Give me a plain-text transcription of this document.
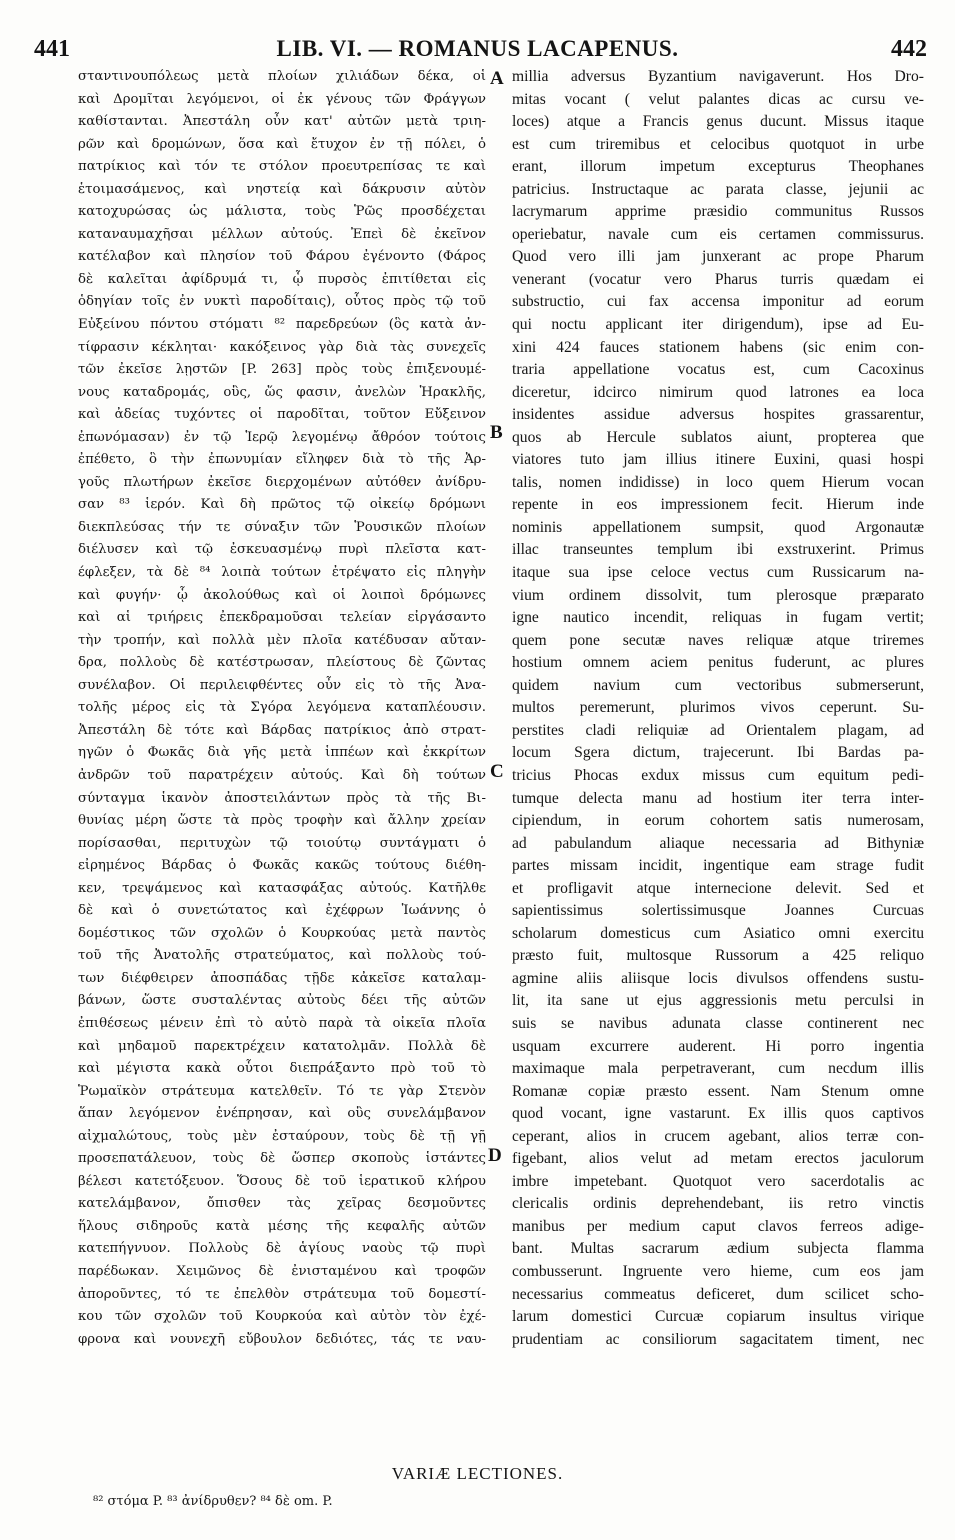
441	LIB. VI. — ROMANUS LACAPENUS.	442
σταντινουπόλεως μετὰ πλοίων χιλιάδων δέκα, οἱ
καὶ Δρομῖται λεγόμενοι, οἱ ἐκ γένους τῶν Φράγγων
καθίστανται. Ἀπεστάλη οὖν κατ' αὐτῶν μετὰ τριη-
ρῶν καὶ δρομώνων, ὅσα καὶ ἔτυχον ἐν τῇ πόλει, ὁ
πατρίκιος καὶ τόν τε στόλον προευτρεπίσας τε καὶ
ἑτοιμασάμενος, καὶ νηστείᾳ καὶ δάκρυσιν αὐτὸν
κατοχυρώσας ὡς μάλιστα, τοὺς Ῥῶς προσδέχεται
καταναυμαχῆσαι μέλλων αὐτούς. Ἐπεὶ δὲ ἐκεῖνον
κατέλαβον καὶ πλησίον τοῦ Φάρου ἐγένοντο (Φάρος
δὲ καλεῖται ἀφίδρυμά τι, ᾧ πυρσὸς ἐπιτίθεται εἰς
ὁδηγίαν τοῖς ἐν νυκτὶ παροδίταις), οὗτος πρὸς τῷ τοῦ
Εὐξείνου πόντου στόματι ⁸² παρεδρεύων (ὃς κατὰ ἀν-
τίφρασιν κέκληται· κακόξεινος γὰρ διὰ τὰς συνεχεῖς
τῶν ἐκεῖσε λῃστῶν [P. 263] πρὸς τοὺς ἐπιξενουμέ-
νους καταδρομάς, οὓς, ὥς φασιν, ἀνελὼν Ἡρακλῆς,
καὶ ἀδείας τυχόντες οἱ παροδῖται, τοῦτον Εὔξεινον
ἐπωνόμασαν) ἐν τῷ Ἱερῷ λεγομένῳ ἄθρόον τούτοις
ἐπέθετο, ὃ τὴν ἐπωνυμίαν εἴληφεν διὰ τὸ τῆς Ἀρ-
γοῦς πλωτήρων ἐκεῖσε διερχομένων αὐτόθεν ἀνίδρυ-
σαν ⁸³ ἱερόν. Καὶ δὴ πρῶτος τῷ οἰκείῳ δρόμωνι
διεκπλεύσας τήν τε σύναξιν τῶν Ῥουσικῶν πλοίων
διέλυσεν καὶ τῷ ἐσκευασμένῳ πυρὶ πλεῖστα κατ-
έφλεξεν, τὰ δὲ ⁸⁴ λοιπὰ τούτων ἐτρέψατο εἰς πληγὴν
καὶ φυγήν· ᾧ ἀκολούθως καὶ οἱ λοιποὶ δρόμωνες
καὶ αἱ τριήρεις ἐπεκδραμοῦσαι τελείαν εἰργάσαντο
τὴν τροπήν, καὶ πολλὰ μὲν πλοῖα κατέδυσαν αὔταν-
δρα, πολλοὺς δὲ κατέστρωσαν, πλείστους δὲ ζῶντας
συνέλαβον. Οἱ περιλειφθέντες οὖν εἰς τὸ τῆς Ἀνα-
τολῆς μέρος εἰς τὰ Σγόρα λεγόμενα καταπλέουσιν.
Ἀπεστάλη δὲ τότε καὶ Βάρδας πατρίκιος ἀπὸ στρατ-
ηγῶν ὁ Φωκᾶς διὰ γῆς μετὰ ἱππέων καὶ ἐκκρίτων
ἀνδρῶν τοῦ παρατρέχειν αὐτούς. Καὶ δὴ τούτων
σύνταγμα ἱκανὸν ἀποστειλάντων πρὸς τὰ τῆς Βι-
θυνίας μέρη ὥστε τὰ πρὸς τροφὴν καὶ ἄλλην χρείαν
πορίσασθαι, περιτυχὼν τῷ τοιούτῳ συντάγματι ὁ
εἰρημένος Βάρδας ὁ Φωκᾶς κακῶς τούτους διέθη-
κεν, τρεψάμενος καὶ κατασφάξας αὐτούς. Κατῆλθε
δὲ καὶ ὁ συνετώτατος καὶ ἐχέφρων Ἰωάννης ὁ
δομέστικος τῶν σχολῶν ὁ Κουρκούας μετὰ παντὸς
τοῦ τῆς Ἀνατολῆς στρατεύματος, καὶ πολλοὺς τού-
των διέφθειρεν ἀποσπάδας τῇδε κἀκεῖσε καταλαμ-
βάνων, ὥστε συσταλέντας αὐτοὺς δέει τῆς αὐτῶν
ἐπιθέσεως μένειν ἐπὶ τὸ αὐτὸ παρὰ τὰ οἰκεῖα πλοῖα
καὶ μηδαμοῦ παρεκτρέχειν κατατολμᾶν. Πολλὰ δὲ
καὶ μέγιστα κακὰ οὗτοι διεπράξαντο πρὸ τοῦ τὸ
Ῥωμαϊκὸν στράτευμα κατελθεῖν. Τό τε γὰρ Στενὸν
ἅπαν λεγόμενον ἐνέπρησαν, καὶ οὓς συνελάμβανον
αἰχμαλώτους, τοὺς μὲν ἐσταύρουν, τοὺς δὲ τῇ γῇ
προσεπατάλευον, τοὺς δὲ ὥσπερ σκοποὺς ἱστάντες
βέλεσι κατετόξευον. Ὅσους δὲ τοῦ ἱερατικοῦ κλήρου
κατελάμβανον, ὄπισθεν τὰς χεῖρας δεσμοῦντες
ἥλους σιδηροῦς κατὰ μέσης τῆς κεφαλῆς αὐτῶν
κατεπήγνυον. Πολλοὺς δὲ ἁγίους ναοὺς τῷ πυρὶ
παρέδωκαν. Χειμῶνος δὲ ἐνισταμένου καὶ τροφῶν
ἀποροῦντες, τό τε ἐπελθὸν στράτευμα τοῦ δομεστί-
κου τῶν σχολῶν τοῦ Κουρκούα καὶ αὐτὸν τὸν ἐχέ-
φρονα καὶ νουνεχῆ εὔβουλον δεδιότες, τάς τε ναυ-
A
B
C
D
millia adversus Byzantium navigaverunt. Hos Dro-
mitas vocant ( velut palantes dicas ac cursu ve-
loces) atque a Francis genus ducunt. Missus itaque
est cum triremibus et celocibus quotquot in urbe
erant, illorum impetum excepturus Theophanes
patricius. Instructaque ac parata classe, jejunii ac
lacrymarum apprime præsidio communitus Russos
operiebatur, navale cum eis certamen commissurus.
Quod vero illi jam junxerant ac prope Pharum
venerant (vocatur vero Pharus turris quædam ei
substructio, cui fax accensa imponitur ad eorum
qui noctu applicant iter dirigendum), ipse ad Eu-
xini 424 fauces stationem habens (sic enim con-
traria appellatione vocatus est, cum Cacoxinus
diceretur, idcirco nimirum quod latrones ea loca
insidentes assidue adversus hospites grassarentur,
quos ab Hercule sublatos aiunt, propterea que
viatores tuto jam illius itinere Euxini, quasi hospi
talis, nomen indidisse) in loco quem Hierum vocan
repente in eos impressionem fecit. Hierum inde
nominis appellationem sumpsit, quod Argonautæ
illac transeuntes templum ibi exstruxerint. Primus
itaque sua ipse celoce vectus cum Russicarum na-
vium ordinem dissolvit, tum plerosque præparato
igne nautico incendit, reliquas in fugam vertit;
quem pone secutæ naves reliquæ atque triremes
hostium omnem aciem penitus fuderunt, ac plures
quidem navium cum vectoribus submerserunt,
multos peremerunt, plurimos vivos ceperunt. Su-
perstites cladi reliquiæ ad Orientalem plagam, ad
locum Sgera dictum, trajecerunt. Ibi Bardas pa-
tricius Phocas exdux missus cum equitum pedi-
tumque delecta manu ad hostium iter terra inter-
cipiendum, in eorum cohortem satis numerosam,
ad pabulandum aliaque necessaria ad Bithyniæ
partes missam incidit, ingentique eam strage fudit
et profligavit atque internecione delevit. Sed et
sapientissimus solertissimusque Joannes Curcuas
scholarum domesticus cum Asiatico omni exercitu
præsto fuit, multosque Russorum a 425 reliquo
agmine aliis aliisque locis divulsos offendens sustu-
lit, ita sane ut ejus aggressionis metu perculsi in
suis se navibus adunata classe continerent nec
usquam excurrere auderent. Hi porro ingentia
maximaque mala perpetraverant, cum necdum illis
Romanæ copiæ præsto essent. Nam Stenum omne
quod vocant, igne vastarunt. Ex illis quos captivos
ceperant, alios in crucem agebant, alios terræ con-
figebant, alios velut ad metam erectos jaculorum
imbre impetebant. Quotquot vero sacerdotalis ac
clericalis ordinis deprehendebant, iis retro vinctis
manibus per medium caput clavos ferreos adige-
bant. Multas sacrarum ædium subjecta flamma
combusserunt. Ingruente vero hieme, cum eos jam
necessarius commeatus deficeret, dum scilicet scho-
larum domestici Curcuæ copiarum insultus virique
prudentiam ac consiliorum sagacitatem timent, nec
VARIÆ LECTIONES.
⁸² στόμα P. ⁸³ ἀνίδρυθεν? ⁸⁴ δὲ om. P.
